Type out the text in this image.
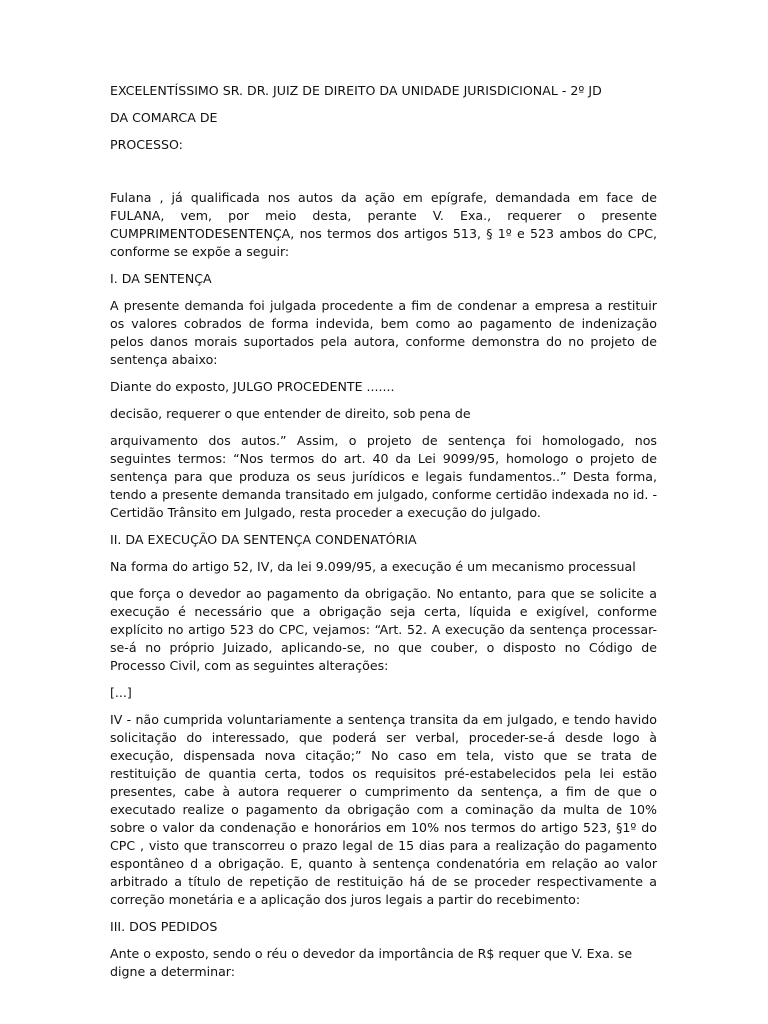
EXCELENTÍSSIMO SR. DR. JUIZ DE DIREITO DA UNIDADE JURISDICIONAL - 2º JD

DA COMARCA DE

PROCESSO:

Fulana , já qualificada nos autos da ação em epígrafe, demandada em face de FULANA, vem, por meio desta, perante V. Exa., requerer o presente CUMPRIMENTODESENTENÇA, nos termos dos artigos 513, § 1º e 523 ambos do CPC, conforme se expõe a seguir:

I. DA SENTENÇA

A presente demanda foi julgada procedente a fim de condenar a empresa a restituir os valores cobrados de forma indevida, bem como ao pagamento de indenização pelos danos morais suportados pela autora, conforme demonstra do no projeto de sentença abaixo:

Diante do exposto, JULGO PROCEDENTE .......

decisão, requerer o que entender de direito, sob pena de

arquivamento dos autos.” Assim, o projeto de sentença foi homologado, nos seguintes termos: “Nos termos do art. 40 da Lei 9099/95, homologo o projeto de sentença para que produza os seus jurídicos e legais fundamentos..” Desta forma, tendo a presente demanda transitado em julgado, conforme certidão indexada no id. - Certidão Trânsito em Julgado, resta proceder a execução do julgado.

II. DA EXECUÇÃO DA SENTENÇA CONDENATÓRIA

Na forma do artigo 52, IV, da lei 9.099/95, a execução é um mecanismo processual

que força o devedor ao pagamento da obrigação. No entanto, para que se solicite a execução é necessário que a obrigação seja certa, líquida e exigível, conforme explícito no artigo 523 do CPC, vejamos: “Art. 52. A execução da sentença processar-se-á no próprio Juizado, aplicando-se, no que couber, o disposto no Código de Processo Civil, com as seguintes alterações:

[...]

IV - não cumprida voluntariamente a sentença transita da em julgado, e tendo havido solicitação do interessado, que poderá ser verbal, proceder-se-á desde logo à execução, dispensada nova citação;” No caso em tela, visto que se trata de restituição de quantia certa, todos os requisitos pré-estabelecidos pela lei estão presentes, cabe à autora requerer o cumprimento da sentença, a fim de que o executado realize o pagamento da obrigação com a cominação da multa de 10% sobre o valor da condenação e honorários em 10% nos termos do artigo 523, §1º do CPC , visto que transcorreu o prazo legal de 15 dias para a realização do pagamento espontâneo d a obrigação. E, quanto à sentença condenatória em relação ao valor arbitrado a título de repetição de restituição há de se proceder respectivamente a correção monetária e a aplicação dos juros legais a partir do recebimento:

III. DOS PEDIDOS

Ante o exposto, sendo o réu o devedor da importância de R$ requer que V. Exa. se digne a determinar:
